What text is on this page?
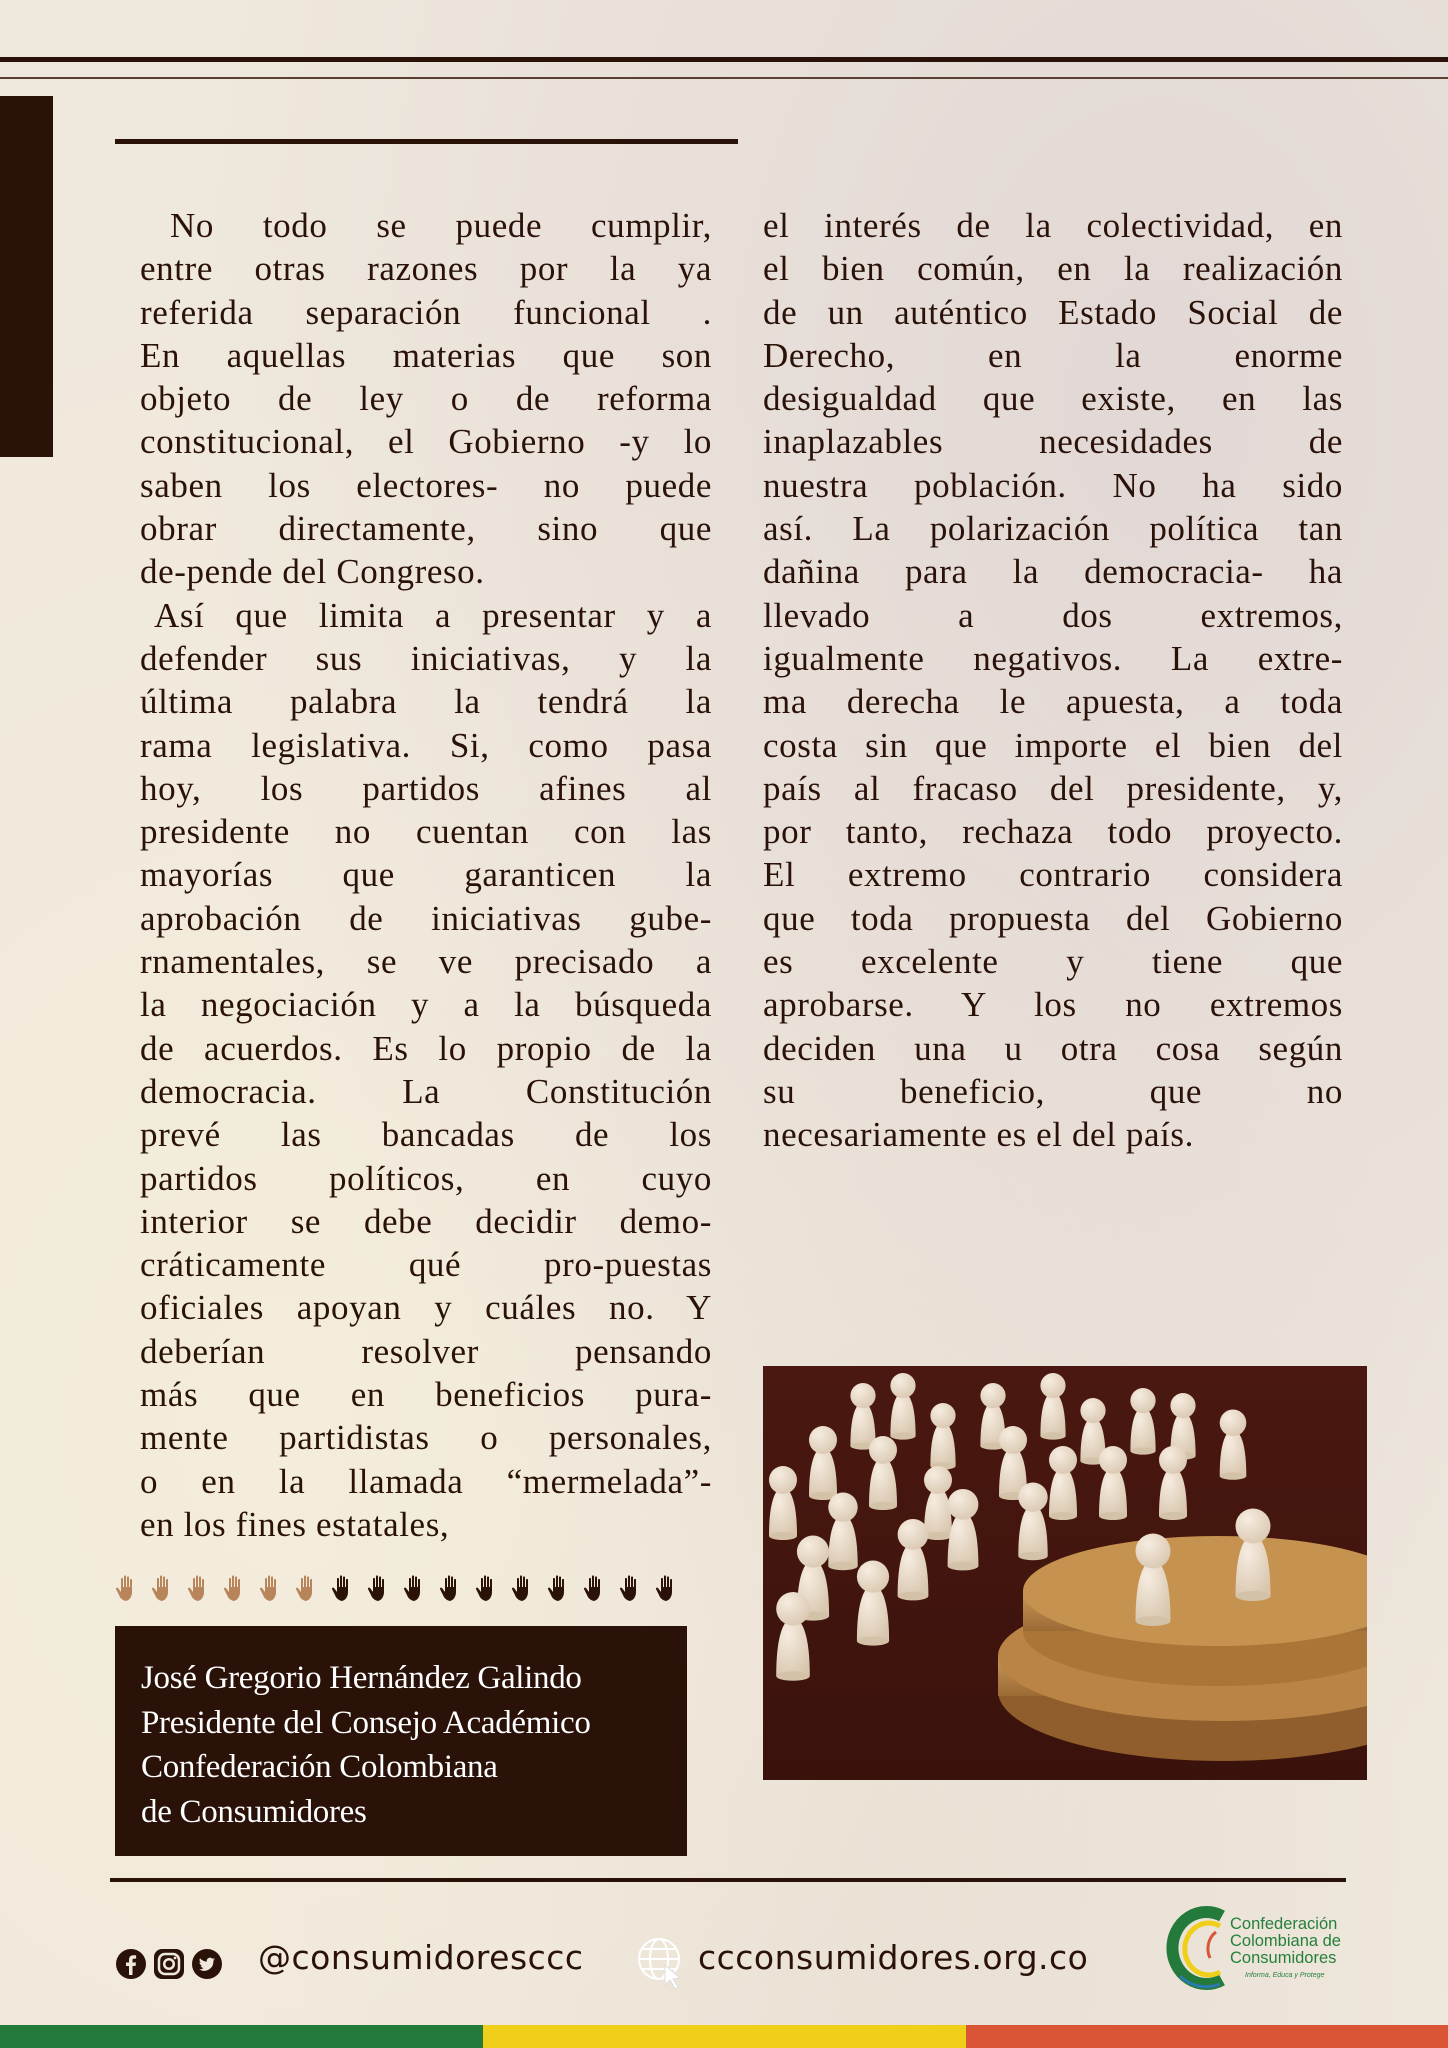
No todo se puede cumplir,
entre otras razones por la ya
referida separación funcional .
En aquellas materias que son
objeto de ley o de reforma
constitucional, el Gobierno -y lo
saben los electores- no puede
obrar directamente, sino que
de-pende del Congreso.
Así que limita a presentar y a
defender sus iniciativas, y la
última palabra la tendrá la
rama legislativa. Si, como pasa
hoy, los partidos afines al
presidente no cuentan con las
mayorías que garanticen la
aprobación de iniciativas gube-
rnamentales, se ve precisado a
la negociación y a la búsqueda
de acuerdos. Es lo propio de la
democracia. La Constitución
prevé las bancadas de los
partidos políticos, en cuyo
interior se debe decidir demo-
cráticamente qué pro-puestas
oficiales apoyan y cuáles no. Y
deberían resolver pensando
más que en beneficios pura-
mente partidistas o personales,
o en la llamada “mermelada”-
en los fines estatales,
el interés de la colectividad, en
el bien común, en la realización
de un auténtico Estado Social de
Derecho, en la enorme
desigualdad que existe, en las
inaplazables necesidades de
nuestra población. No ha sido
así. La polarización política tan
dañina para la democracia- ha
llevado a dos extremos,
igualmente negativos. La extre-
ma derecha le apuesta, a toda
costa sin que importe el bien del
país al fracaso del presidente, y,
por tanto, rechaza todo proyecto.
El extremo contrario considera
que toda propuesta del Gobierno
es excelente y tiene que
aprobarse. Y los no extremos
deciden una u otra cosa según
su beneficio, que no
necesariamente es el del país.
José Gregorio Hernández Galindo
Presidente del Consejo Académico
Confederación Colombiana
de Consumidores
@consumidoresccc	ccconsumidores.org.co
Confederación
Colombiana de
Consumidores
Informa, Educa y Protege
